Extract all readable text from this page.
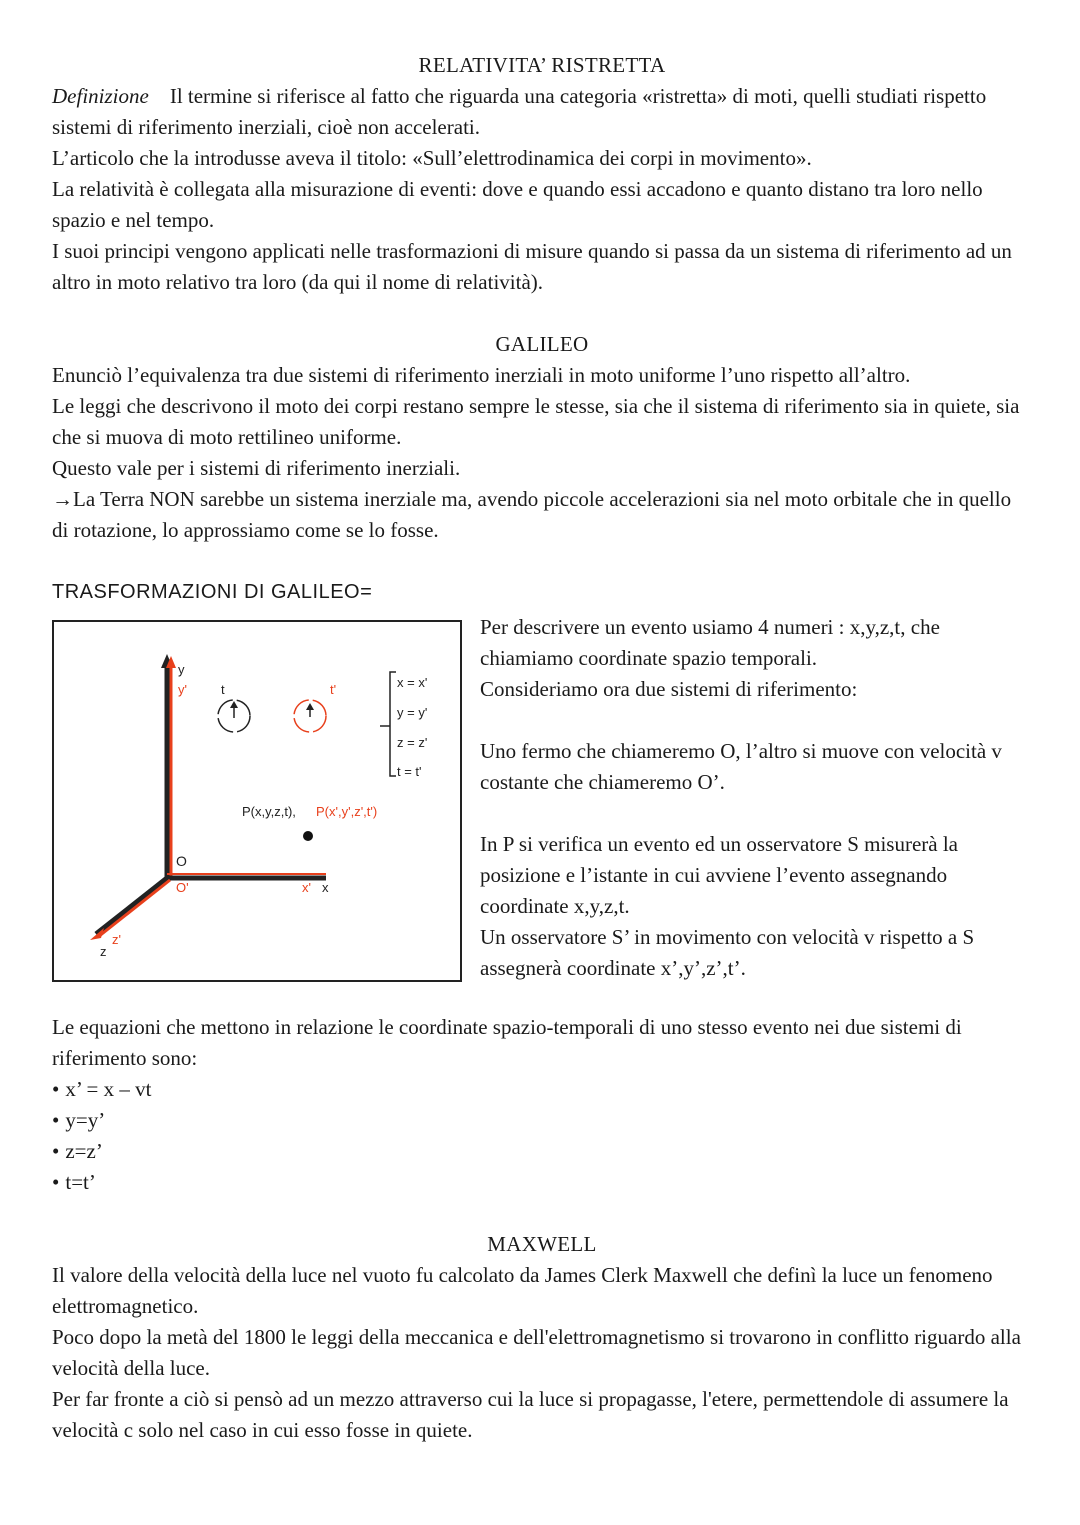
RELATIVITA’ RISTRETTA

Definizione Il termine si riferisce al fatto che riguarda una categoria «ristretta» di moti, quelli studiati rispetto sistemi di riferimento inerziali, cioè non accelerati.

L’articolo che la introdusse aveva il titolo: «Sull’elettrodinamica dei corpi in movimento».

La relatività è collegata alla misurazione di eventi: dove e quando essi accadono e quanto distano tra loro nello spazio e nel tempo.

I suoi principi vengono applicati nelle trasformazioni di misure quando si passa da un sistema di riferimento ad un altro in moto relativo tra loro (da qui il nome di relatività).

GALILEO

Enunciò l’equivalenza tra due sistemi di riferimento inerziali in moto uniforme l’uno rispetto all’altro.

Le leggi che descrivono il moto dei corpi restano sempre le stesse, sia che il sistema di riferimento sia in quiete, sia che si muova di moto rettilineo uniforme.

Questo vale per i sistemi di riferimento inerziali.

→La Terra NON sarebbe un sistema inerziale ma, avendo piccole accelerazioni sia nel moto orbitale che in quello di rotazione, lo approssiamo come se lo fosse.

TRASFORMAZIONI DI GALILEO=
y
y'
O
O'	x' x
z'
z
t	t'	x = x'
y = y'
z = z'
t = t'
P(x,y,z,t), P(x',y',z',t')

Per descrivere un evento usiamo 4 numeri : x,y,z,t, che chiamiamo coordinate spazio temporali.

Consideriamo ora due sistemi di riferimento:

Uno fermo che chiameremo O, l’altro si muove con velocità v costante che chiameremo O’.

In P si verifica un evento ed un osservatore S misurerà la posizione e l’istante in cui avviene l’evento assegnando coordinate x,y,z,t.

Un osservatore S’ in movimento con velocità v rispetto a S assegnerà coordinate x’,y’,z’,t’.

Le equazioni che mettono in relazione le coordinate spazio-temporali di uno stesso evento nei due sistemi di riferimento sono:

• x’ = x – vt
• y=y’
• z=z’
• t=t’
MAXWELL

Il valore della velocità della luce nel vuoto fu calcolato da James Clerk Maxwell che definì la luce un fenomeno elettromagnetico.

Poco dopo la metà del 1800 le leggi della meccanica e dell'elettromagnetismo si trovarono in conflitto riguardo alla velocità della luce.

Per far fronte a ciò si pensò ad un mezzo attraverso cui la luce si propagasse, l'etere, permettendole di assumere la velocità c solo nel caso in cui esso fosse in quiete.
